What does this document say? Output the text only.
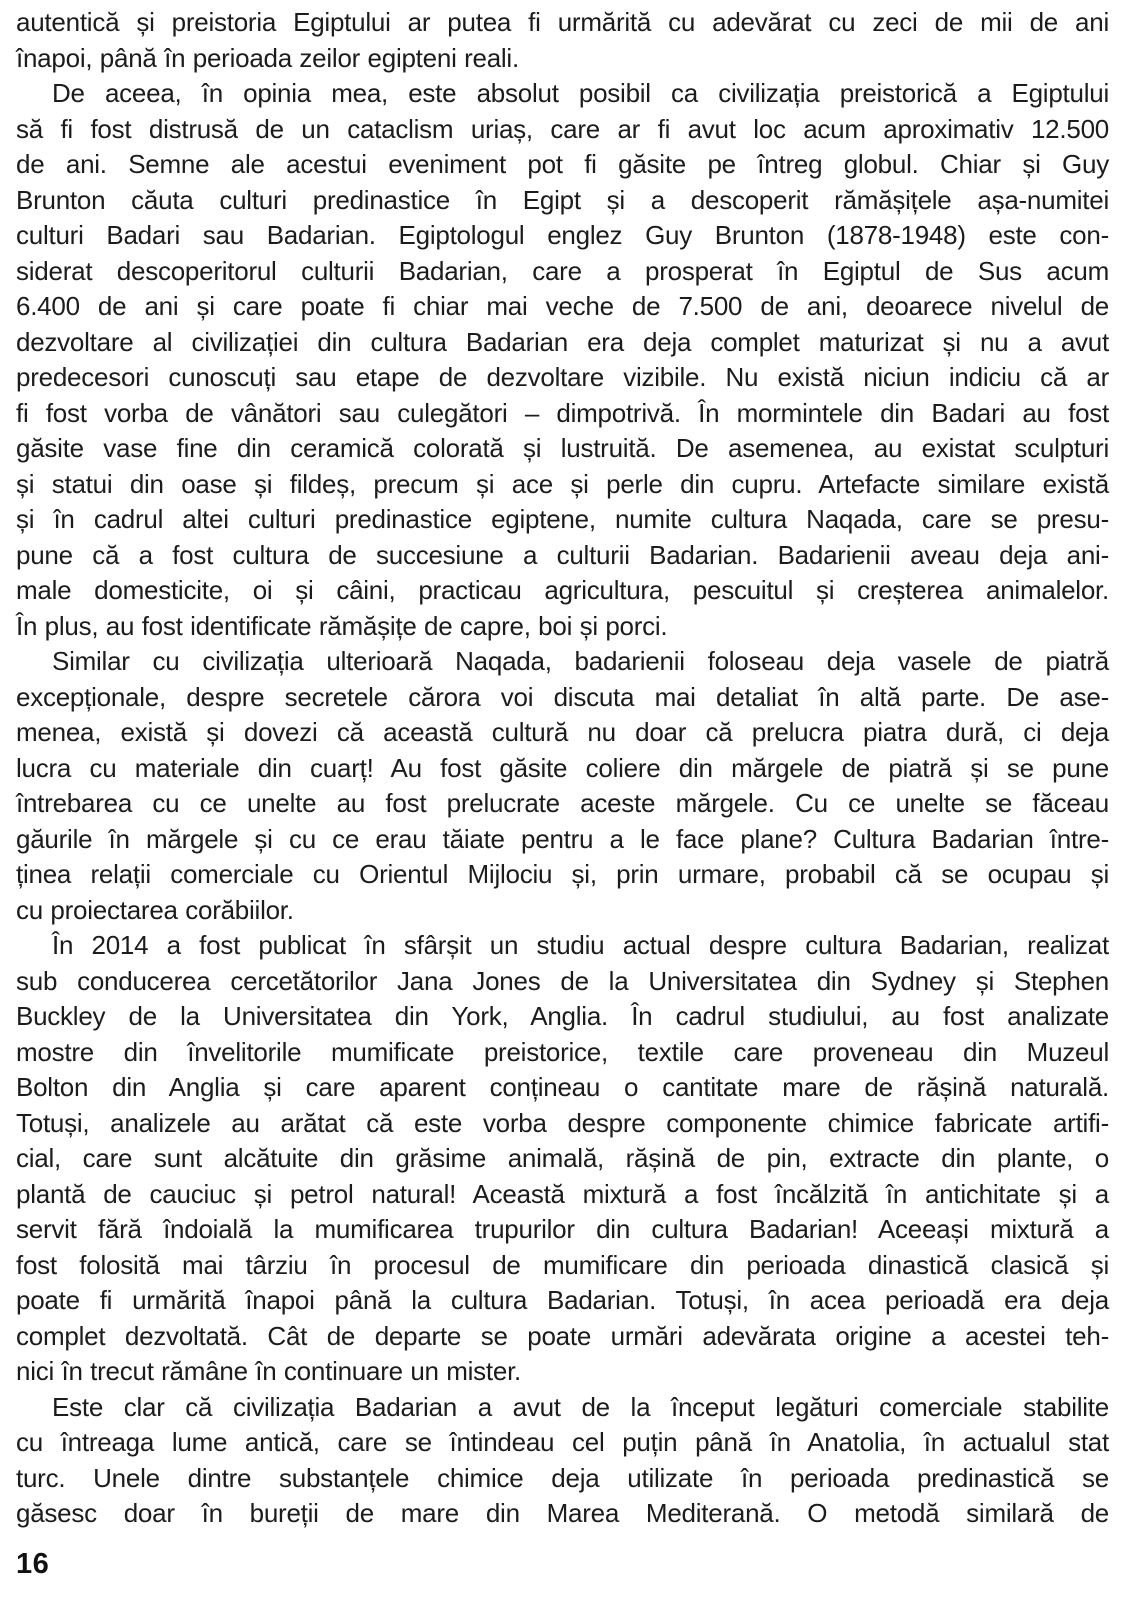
autentică și preistoria Egiptului ar putea fi urmărită cu adevărat cu zeci de mii de ani
înapoi, până în perioada zeilor egipteni reali.

De aceea, în opinia mea, este absolut posibil ca civilizația preistorică a Egiptului
să fi fost distrusă de un cataclism uriaș, care ar fi avut loc acum aproximativ 12.500
de ani. Semne ale acestui eveniment pot fi găsite pe întreg globul. Chiar și Guy
Brunton căuta culturi predinastice în Egipt și a descoperit rămășițele așa-numitei
culturi Badari sau Badarian. Egiptologul englez Guy Brunton (1878-1948) este con-
siderat descoperitorul culturii Badarian, care a prosperat în Egiptul de Sus acum
6.400 de ani și care poate fi chiar mai veche de 7.500 de ani, deoarece nivelul de
dezvoltare al civilizației din cultura Badarian era deja complet maturizat și nu a avut
predecesori cunoscuți sau etape de dezvoltare vizibile. Nu există niciun indiciu că ar
fi fost vorba de vânători sau culegători – dimpotrivă. În mormintele din Badari au fost
găsite vase fine din ceramică colorată și lustruită. De asemenea, au existat sculpturi
și statui din oase și fildeș, precum și ace și perle din cupru. Artefacte similare există
și în cadrul altei culturi predinastice egiptene, numite cultura Naqada, care se presu-
pune că a fost cultura de succesiune a culturii Badarian. Badarienii aveau deja ani-
male domesticite, oi și câini, practicau agricultura, pescuitul și creșterea animalelor.
În plus, au fost identificate rămășițe de capre, boi și porci.

Similar cu civilizația ulterioară Naqada, badarienii foloseau deja vasele de piatră
excepționale, despre secretele cărora voi discuta mai detaliat în altă parte. De ase-
menea, există și dovezi că această cultură nu doar că prelucra piatra dură, ci deja
lucra cu materiale din cuarț! Au fost găsite coliere din mărgele de piatră și se pune
întrebarea cu ce unelte au fost prelucrate aceste mărgele. Cu ce unelte se făceau
găurile în mărgele și cu ce erau tăiate pentru a le face plane? Cultura Badarian între-
ținea relații comerciale cu Orientul Mijlociu și, prin urmare, probabil că se ocupau și
cu proiectarea corăbiilor.

În 2014 a fost publicat în sfârșit un studiu actual despre cultura Badarian, realizat
sub conducerea cercetătorilor Jana Jones de la Universitatea din Sydney și Stephen
Buckley de la Universitatea din York, Anglia. În cadrul studiului, au fost analizate
mostre din învelitorile mumificate preistorice, textile care proveneau din Muzeul
Bolton din Anglia și care aparent conțineau o cantitate mare de rășină naturală.
Totuși, analizele au arătat că este vorba despre componente chimice fabricate artifi-
cial, care sunt alcătuite din grăsime animală, rășină de pin, extracte din plante, o
plantă de cauciuc și petrol natural! Această mixtură a fost încălzită în antichitate și a
servit fără îndoială la mumificarea trupurilor din cultura Badarian! Aceeași mixtură a
fost folosită mai târziu în procesul de mumificare din perioada dinastică clasică și
poate fi urmărită înapoi până la cultura Badarian. Totuși, în acea perioadă era deja
complet dezvoltată. Cât de departe se poate urmări adevărata origine a acestei teh-
nici în trecut rămâne în continuare un mister.

Este clar că civilizația Badarian a avut de la început legături comerciale stabilite
cu întreaga lume antică, care se întindeau cel puțin până în Anatolia, în actualul stat
turc. Unele dintre substanțele chimice deja utilizate în perioada predinastică se
găsesc doar în bureții de mare din Marea Mediterană. O metodă similară de

16
